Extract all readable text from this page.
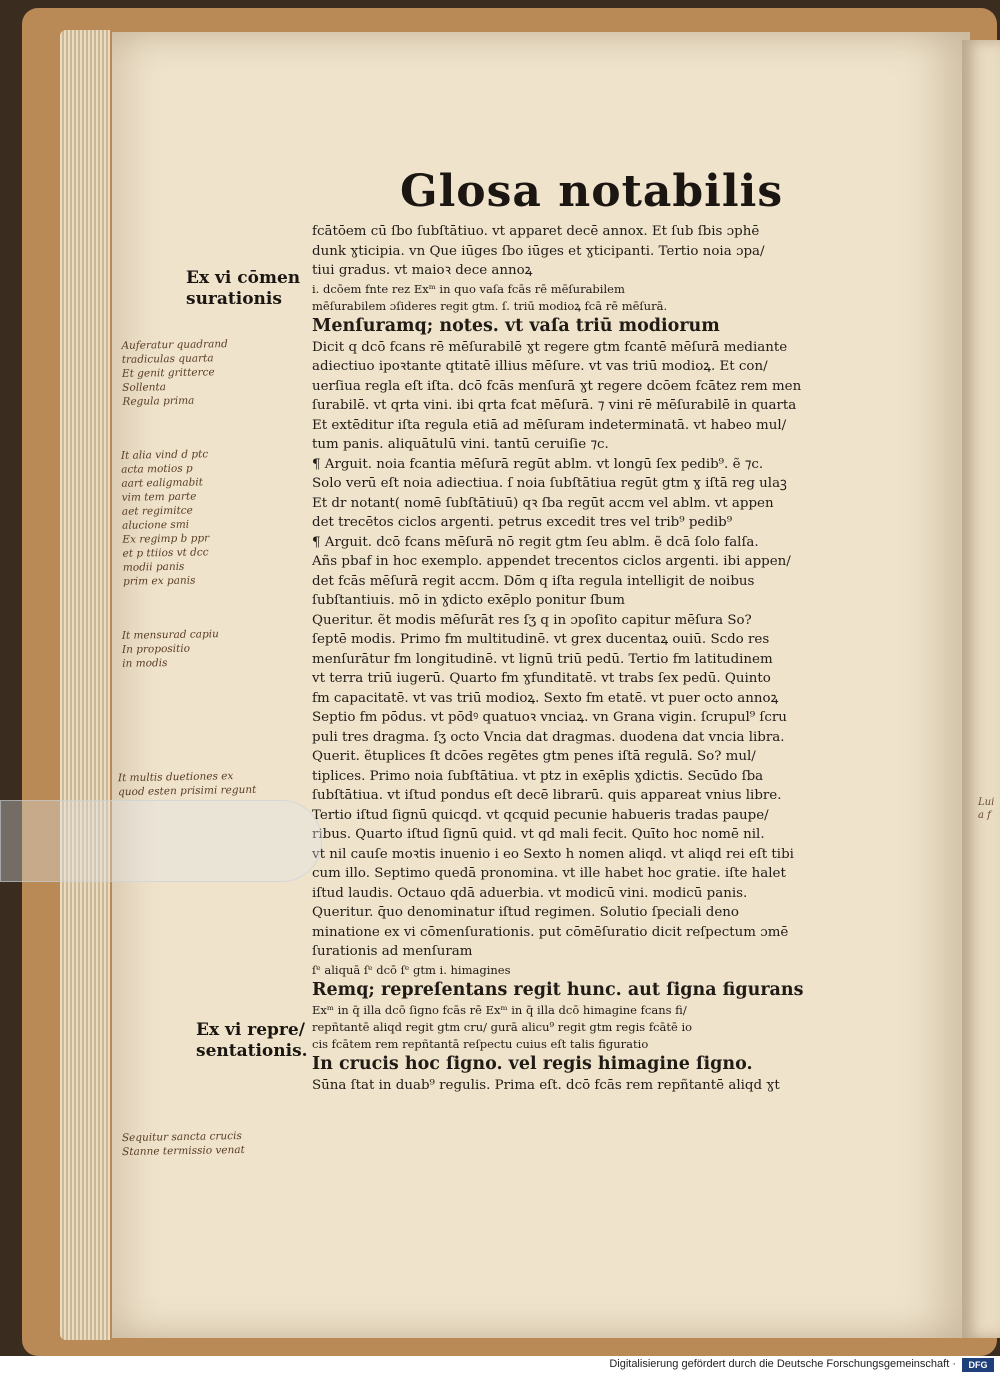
Glosa notabilis
fcātōem cū ſbo ſubſtātiuo. vt apparet decē annox. Et ſub ſbis ɔphē
dunk ɣticipia. vn Que iūges ſbo iūges et ɣticipanti. Tertio noia ɔpa/
tiui gradus. vt maioꝛ dece annoꝝ
i. dcōem fnte rez Exᵐ in quo vaſa fcās rē mēſurabilem
mēſurabilem ɔſideres regit gtm. ſ. triū modioꝝ fcā rē mēſurā.
Menſuramq; notes. vt vaſa triū modiorum
Dicit q dcō fcans rē mēſurabilē ɣt regere gtm fcantē mēſurā mediante
adiectiuo ipoꝛtante qtitatē illius mēſure. vt vas triū modioꝝ. Et con/
uerſiua regla eſt iſta. dcō fcās menſurā ɣt regere dcōem fcātez rem men
ſurabilē. vt qrta vini. ibi qrta fcat mēſurā. ⁊ vini rē mēſurabilē in quarta
Et extēditur iſta regula etiā ad mēſuram indeterminatā. vt habeo mul/
tum panis. aliquātulū vini. tantū ceruiſie ⁊c.
¶ Arguit. noia fcantia mēſurā regūt ablm. vt longū ſex pedib⁹. ẽ ⁊c.
Solo verū eſt noia adiectiua. ſ noia ſubſtātiua regūt gtm ɣ iſtā reg ulaꝫ
Et dr notant( nomē ſubſtātiuū) qꝛ ſba regūt accm vel ablm. vt appen
det trecētos ciclos argenti. petrus excedit tres vel trib⁹ pedib⁹
¶ Arguit. dcō fcans mēſurā nō regit gtm ſeu ablm. ẽ dcā ſolo falſa.
Añs pbaf in hoc exemplo. appendet trecentos ciclos argenti. ibi appen/
det fcās mēſurā regit accm. Dōm q iſta regula intelligit de noibus
ſubſtantiuis. mō in ɣdicto exēplo ponitur ſbum
Queritur. ẽt modis mēſurāt res ſʒ q in ɔpoſito capitur mēſura So?
ſeptē modis. Primo fm multitudinē. vt grex ducentaꝝ ouiū. Scdo res
menſurātur fm longitudinē. vt lignū triū pedū. Tertio fm latitudinem
vt terra triū iugerū. Quarto fm ɣfunditatē. vt trabs ſex pedū. Quinto
fm capacitatē. vt vas triū modioꝝ. Sexto fm etatē. vt puer octo annoꝝ
Septio fm pōdus. vt pōdꝰ quatuoꝛ vnciaꝝ. vn Grana vigin. ſcrupul⁹ ſcru
puli tres dragma. ſʒ octo Vncia dat dragmas. duodena dat vncia libra.
Querit. ẽtuplices ſt dcōes regētes gtm penes iſtā regulā. So? mul/
tiplices. Primo noia ſubſtātiua. vt ptz in exēplis ɣdictis. Secūdo ſba
ſubſtātiua. vt iſtud pondus eſt decē librarū. quis appareat vnius libre.
Tertio iſtud ſignū quicqd. vt qcquid pecunie habueris tradas paupe/
ribus. Quarto iſtud ſignū quid. vt qd mali fecit. Quīto hoc nomē nil.
vt nil cauſe moꝛtis inuenio i eo Sexto h nomen aliqd. vt aliqd rei eſt tibi
cum illo. Septimo quedā pronomina. vt ille habet hoc gratie. iſte halet
iſtud laudis. Octauo qdā aduerbia. vt modicū vini. modicū panis.
Queritur. q̄uo denominatur iſtud regimen. Solutio ſpeciali deno
minatione ex vi cōmenſurationis. put cōmēſuratio dicit reſpectum ɔmē
ſurationis ad menſuram
ſᵉ aliquā ſᵉ dcō ſᵉ gtm i. himagines
Remq; repreſentans regit hunc. aut ſigna figurans
Exᵐ in q̄ illa dcō ſigno fcās rē Exᵐ in q̄ illa dcō himagine fcans fi/
repñtantē aliqd regit gtm cru/ gurā alicu⁹ regit gtm regis fcātē io
cis fcātem rem repñtantā reſpectu cuius eſt talis figuratio
In crucis hoc ſigno. vel regis himagine ſigno.
Sūna ſtat in duab⁹ regulis. Prima eſt. dcō fcās rem repñtantē aliqd ɣt
Ex vi cōmen
surationis
Ex vi repre/
sentationis.
Auferatur quadrand
tradiculas quarta
Et genit gritterce
Sollenta
Regula prima
It alia vind d ptc
acta motios p
aart ealigmabit
vim tem parte
aet regimitce
alucione smi
Ex regimp b ppr
et p ttiios vt dcc
modii panis
prim ex panis
It mensurad capiu
In propositio
in modis
It multis duetiones ex
quod esten prisimi regunt
Sequitur sancta crucis
Stanne termissio venat
Lui
a f
Digitalisierung gefördert durch die Deutsche Forschungsgemeinschaft ·	DFG
